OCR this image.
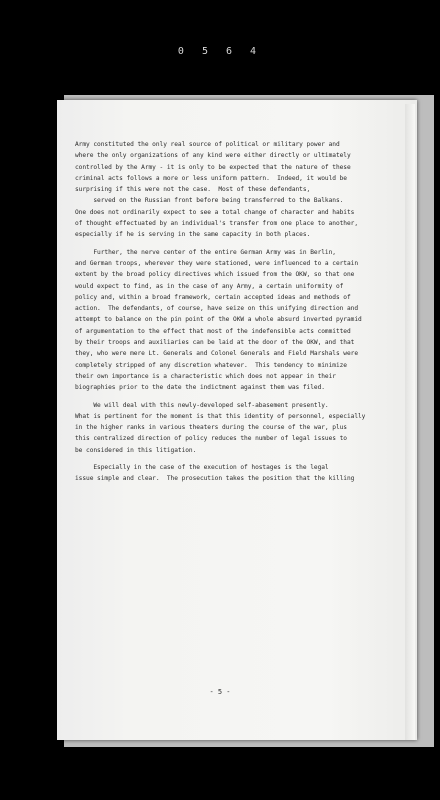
0 5 6 4
Army constituted the only real source of political or military power and
where the only organizations of any kind were either directly or ultimately
controlled by the Army - it is only to be expected that the nature of these
criminal acts follows a more or less uniform pattern.  Indeed, it would be
surprising if this were not the case.  Most of these defendants,
served on the Russian front before being transferred to the Balkans.
One does not ordinarily expect to see a total change of character and habits
of thought effectuated by an individual's transfer from one place to another,
especially if he is serving in the same capacity in both places.
Further, the nerve center of the entire German Army was in Berlin,
and German troops, wherever they were stationed, were influenced to a certain
extent by the broad policy directives which issued from the OKW, so that one
would expect to find, as in the case of any Army, a certain uniformity of
policy and, within a broad framework, certain accepted ideas and methods of
action.  The defendants, of course, have seize on this unifying direction and
attempt to balance on the pin point of the OKW a whole absurd inverted pyramid
of argumentation to the effect that most of the indefensible acts committed
by their troops and auxiliaries can be laid at the door of the OKW, and that
they, who were mere Lt. Generals and Colonel Generals and Field Marshals were
completely stripped of any discretion whatever.  This tendency to minimize
their own importance is a characteristic which does not appear in their
biographies prior to the date the indictment against them was filed.
We will deal with this newly-developed self-abasement presently.
What is pertinent for the moment is that this identity of personnel, especially
in the higher ranks in various theaters during the course of the war, plus
this centralized direction of policy reduces the number of legal issues to
be considered in this litigation.
Especially in the case of the execution of hostages is the legal
issue simple and clear.  The prosecution takes the position that the killing
- 5 -
